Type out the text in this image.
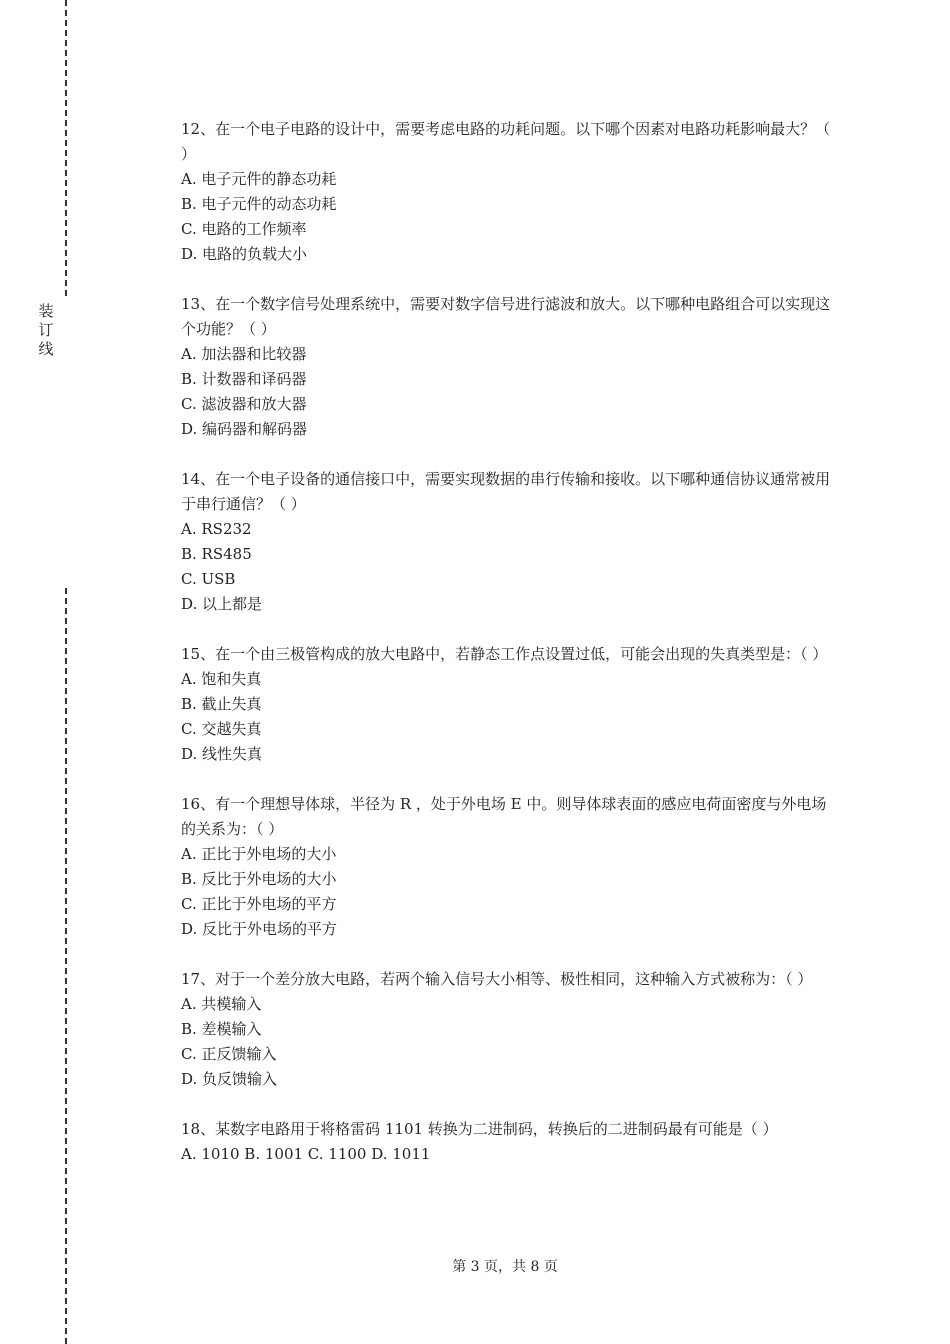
装
订
线
12、在一个电子电路的设计中，需要考虑电路的功耗问题。以下哪个因素对电路功耗影响最大？（ ）
A. 电子元件的静态功耗
B. 电子元件的动态功耗
C. 电路的工作频率
D. 电路的负载大小
13、在一个数字信号处理系统中，需要对数字信号进行滤波和放大。以下哪种电路组合可以实现这个功能？（ ）
A. 加法器和比较器
B. 计数器和译码器
C. 滤波器和放大器
D. 编码器和解码器
14、在一个电子设备的通信接口中，需要实现数据的串行传输和接收。以下哪种通信协议通常被用于串行通信？（ ）
A. RS232
B. RS485
C. USB
D. 以上都是
15、在一个由三极管构成的放大电路中，若静态工作点设置过低，可能会出现的失真类型是：（ ）
A. 饱和失真
B. 截止失真
C. 交越失真
D. 线性失真
16、有一个理想导体球，半径为 R ，处于外电场 E 中。则导体球表面的感应电荷面密度与外电场的关系为：（ ）
A. 正比于外电场的大小
B. 反比于外电场的大小
C. 正比于外电场的平方
D. 反比于外电场的平方
17、对于一个差分放大电路，若两个输入信号大小相等、极性相同，这种输入方式被称为：（ ）
A. 共模输入
B. 差模输入
C. 正反馈输入
D. 负反馈输入
18、某数字电路用于将格雷码 1101 转换为二进制码，转换后的二进制码最有可能是（ ）
A. 1010 B. 1001 C. 1100 D. 1011
第 3 页，共 8 页
